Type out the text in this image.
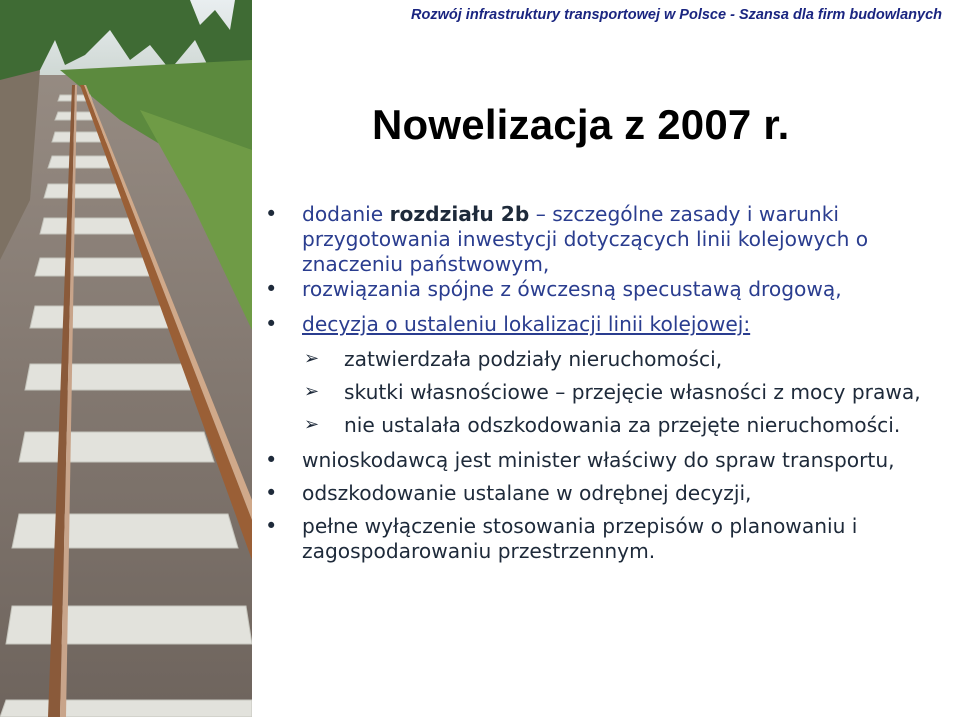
Rozwój infrastruktury transportowej w Polsce - Szansa dla firm budowlanych
Nowelizacja z 2007 r.

• dodanie rozdziału 2b – szczególne zasady i warunki przygotowania inwestycji dotyczących linii kolejowych o znaczeniu państwowym,

• rozwiązania spójne z ówczesną specustawą drogową,

• decyzja o ustaleniu lokalizacji linii kolejowej:

➢ zatwierdzała podziały nieruchomości,

➢ skutki własnościowe – przejęcie własności z mocy prawa,

➢ nie ustalała odszkodowania za przejęte nieruchomości.

• wnioskodawcą jest minister właściwy do spraw transportu,

• odszkodowanie ustalane w odrębnej decyzji,

• pełne wyłączenie stosowania przepisów o planowaniu i zagospodarowaniu przestrzennym.
